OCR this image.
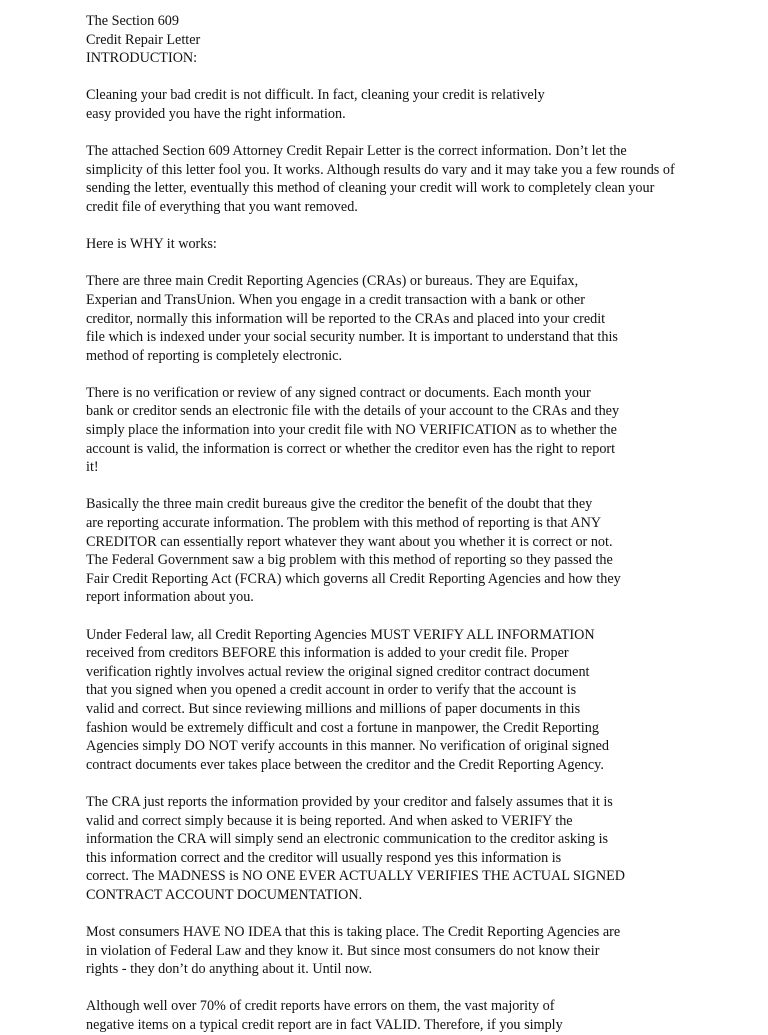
The Section 609
Credit Repair Letter
INTRODUCTION:
Cleaning your bad credit is not difficult. In fact, cleaning your credit is relatively
easy provided you have the right information.
The attached Section 609 Attorney Credit Repair Letter is the correct information. Don’t let the
simplicity of this letter fool you. It works. Although results do vary and it may take you a few rounds of
sending the letter, eventually this method of cleaning your credit will work to completely clean your
credit file of everything that you want removed.
Here is WHY it works:
There are three main Credit Reporting Agencies (CRAs) or bureaus. They are Equifax,
Experian and TransUnion. When you engage in a credit transaction with a bank or other
creditor, normally this information will be reported to the CRAs and placed into your credit
file which is indexed under your social security number. It is important to understand that this
method of reporting is completely electronic.
There is no verification or review of any signed contract or documents. Each month your
bank or creditor sends an electronic file with the details of your account to the CRAs and they
simply place the information into your credit file with NO VERIFICATION as to whether the
account is valid, the information is correct or whether the creditor even has the right to report
it!
Basically the three main credit bureaus give the creditor the benefit of the doubt that they
are reporting accurate information. The problem with this method of reporting is that ANY
CREDITOR can essentially report whatever they want about you whether it is correct or not.
The Federal Government saw a big problem with this method of reporting so they passed the
Fair Credit Reporting Act (FCRA) which governs all Credit Reporting Agencies and how they
report information about you.
Under Federal law, all Credit Reporting Agencies MUST VERIFY ALL INFORMATION
received from creditors BEFORE this information is added to your credit file. Proper
verification rightly involves actual review the original signed creditor contract document
that you signed when you opened a credit account in order to verify that the account is
valid and correct. But since reviewing millions and millions of paper documents in this
fashion would be extremely difficult and cost a fortune in manpower, the Credit Reporting
Agencies simply DO NOT verify accounts in this manner. No verification of original signed
contract documents ever takes place between the creditor and the Credit Reporting Agency.
The CRA just reports the information provided by your creditor and falsely assumes that it is
valid and correct simply because it is being reported. And when asked to VERIFY the
information the CRA will simply send an electronic communication to the creditor asking is
this information correct and the creditor will usually respond yes this information is
correct. The MADNESS is NO ONE EVER ACTUALLY VERIFIES THE ACTUAL SIGNED
CONTRACT ACCOUNT DOCUMENTATION.
Most consumers HAVE NO IDEA that this is taking place. The Credit Reporting Agencies are
in violation of Federal Law and they know it. But since most consumers do not know their
rights - they don’t do anything about it. Until now.
Although well over 70% of credit reports have errors on them, the vast majority of
negative items on a typical credit report are in fact VALID. Therefore, if you simply
